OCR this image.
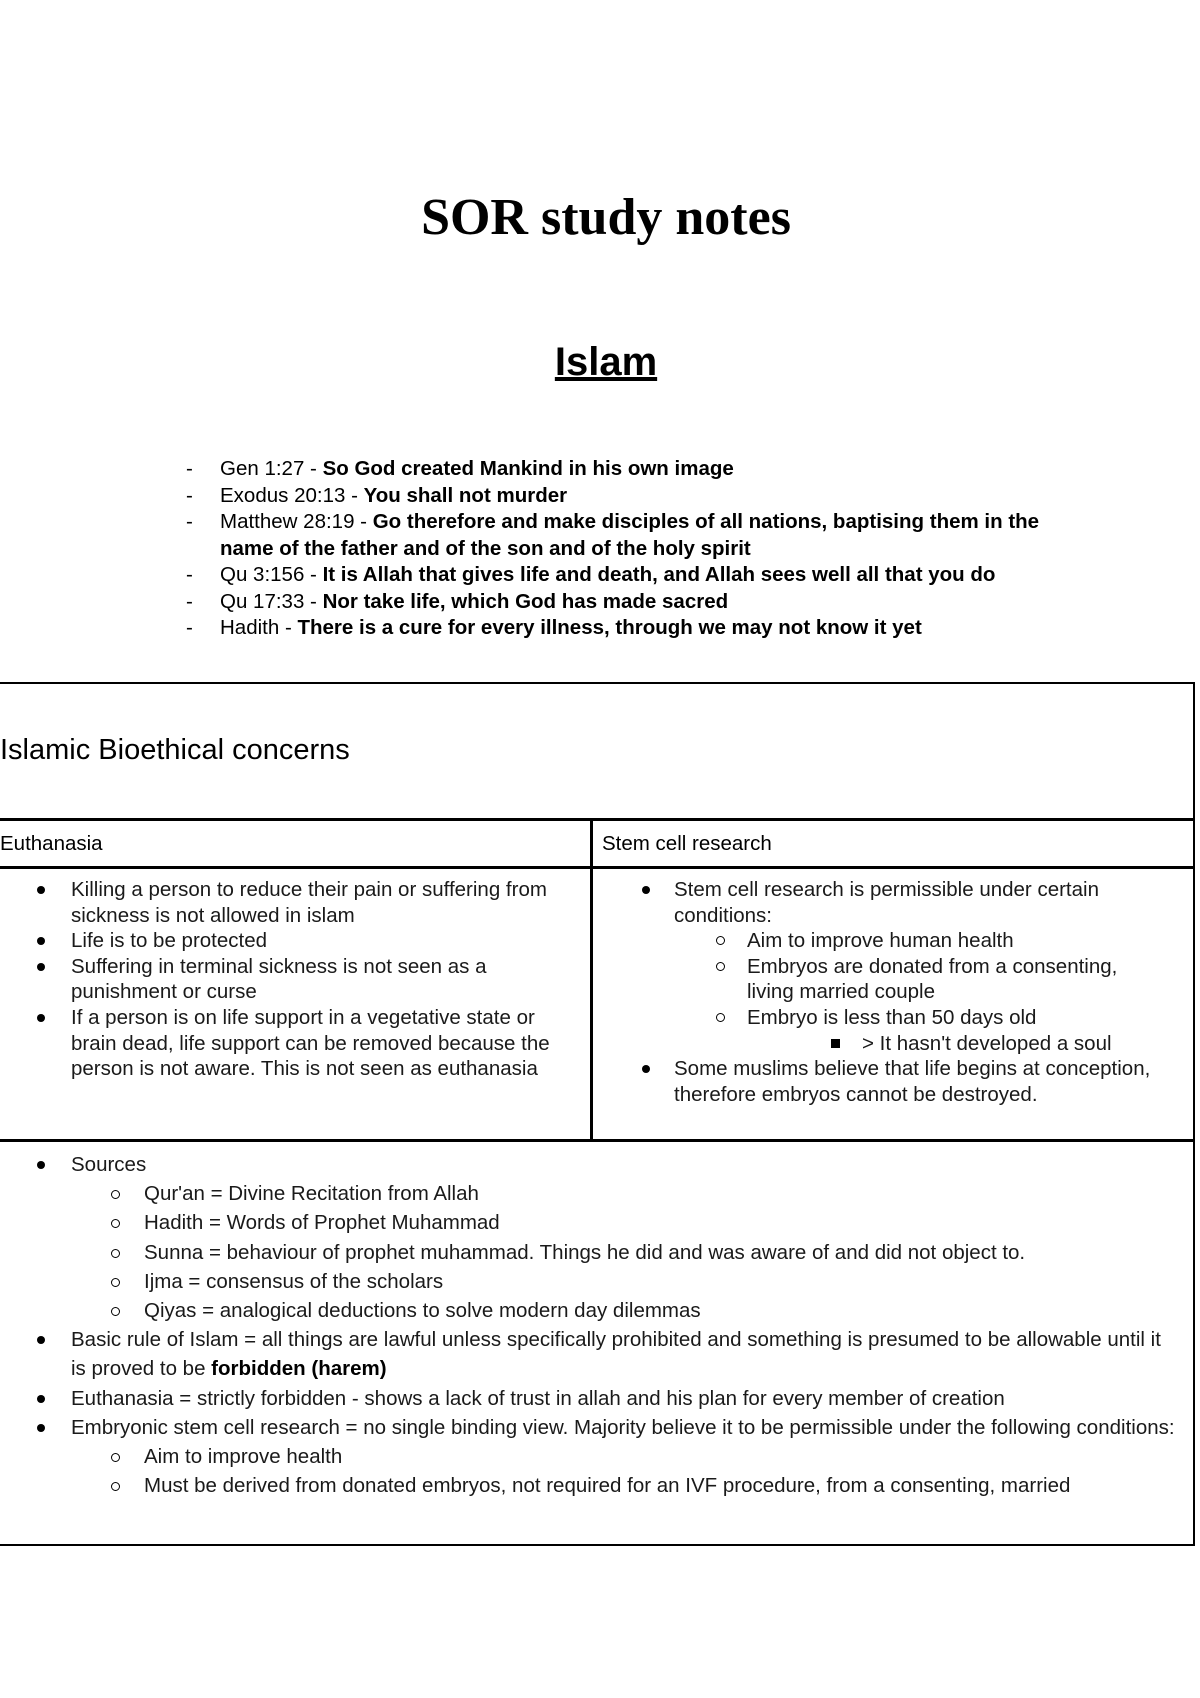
SOR study notes
Islam
- Gen 1:27 - So God created Mankind in his own image
- Exodus 20:13 - You shall not murder
- Matthew 28:19 - Go therefore and make disciples of all nations, baptising them in the name of the father and of the son and of the holy spirit
- Qu 3:156 - It is Allah that gives life and death, and Allah sees well all that you do
- Qu 17:33 - Nor take life, which God has made sacred
- Hadith - There is a cure for every illness, through we may not know it yet
Islamic Bioethical concerns
Euthanasia	Stem cell research
Killing a person to reduce their pain or suffering from sickness is not allowed in islam
Life is to be protected
Suffering in terminal sickness is not seen as a punishment or curse
If a person is on life support in a vegetative state or brain dead, life support can be removed because the person is not aware. This is not seen as euthanasia
Stem cell research is permissible under certain conditions:
Aim to improve human health
Embryos are donated from a consenting, living married couple
Embryo is less than 50 days old
> It hasn't developed a soul
Some muslims believe that life begins at conception, therefore embryos cannot be destroyed.
Sources
Qur'an = Divine Recitation from Allah
Hadith = Words of Prophet Muhammad
Sunna = behaviour of prophet muhammad. Things he did and was aware of and did not object to.
Ijma = consensus of the scholars
Qiyas = analogical deductions to solve modern day dilemmas
Basic rule of Islam = all things are lawful unless specifically prohibited and something is presumed to be allowable until it is proved to be forbidden (harem)
Euthanasia = strictly forbidden - shows a lack of trust in allah and his plan for every member of creation
Embryonic stem cell research = no single binding view. Majority believe it to be permissible under the following conditions:
Aim to improve health
Must be derived from donated embryos, not required for an IVF procedure, from a consenting, married
